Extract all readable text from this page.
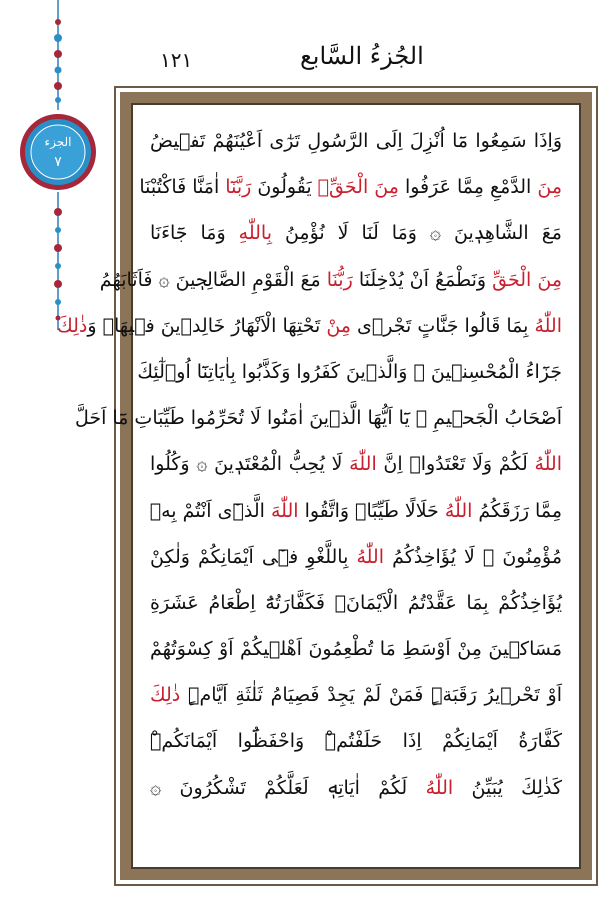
الجزء
٧
١٢١	الجُزءُ السَّابع
وَاِذَا سَمِعُوا مَٓا اُنْزِلَ اِلَى الرَّسُولِ تَرٰٓى اَعْيُنَهُمْ تَفٖيضُ
مِنَ الدَّمْعِ مِمَّا عَرَفُوا مِنَ الْحَقِّۚ يَقُولُونَ رَبَّنَٓا اٰمَنَّا فَاكْتُبْنَا
مَعَ الشَّاهِدٖينَ ۞ وَمَا لَنَا لَا نُؤْمِنُ بِاللّٰهِ وَمَا جَٓاءَنَا
مِنَ الْحَقِّ وَنَطْمَعُ اَنْ يُدْخِلَنَا رَبُّنَا مَعَ الْقَوْمِ الصَّالِحٖينَ ۞ فَاَثَابَهُمُ
اللّٰهُ بِمَا قَالُوا جَنَّاتٍ تَجْرٖى مِنْ تَحْتِهَا الْاَنْهَارُ خَالِدٖينَ فٖيهَاۜ وَذٰلِكَ
جَزَٓاءُ الْمُحْسِنٖينَ ۞ وَالَّذٖينَ كَفَرُوا وَكَذَّبُوا بِاٰيَاتِنَٓا اُو۬لٰٓئِكَ
اَصْحَابُ الْجَحٖيمِ ۞ يَٓا اَيُّهَا الَّذٖينَ اٰمَنُوا لَا تُحَرِّمُوا طَيِّبَاتِ مَٓا اَحَلَّ
اللّٰهُ لَكُمْ وَلَا تَعْتَدُواۜ اِنَّ اللّٰهَ لَا يُحِبُّ الْمُعْتَدٖينَ ۞ وَكُلُوا
مِمَّا رَزَقَكُمُ اللّٰهُ حَلَالًا طَيِّبًاۖ وَاتَّقُوا اللّٰهَ الَّذٖٓى اَنْتُمْ بِهٖ
مُؤْمِنُونَ ۞ لَا يُؤَاخِذُكُمُ اللّٰهُ بِاللَّغْوِ فٖٓى اَيْمَانِكُمْ وَلٰكِنْ
يُؤَاخِذُكُمْ بِمَا عَقَّدْتُمُ الْاَيْمَانَۚ فَكَفَّارَتُهُٓ اِطْعَامُ عَشَرَةِ
مَسَاكٖينَ مِنْ اَوْسَطِ مَا تُطْعِمُونَ اَهْلٖيكُمْ اَوْ كِسْوَتُهُمْ
اَوْ تَحْرٖيرُ رَقَبَةٍۜ فَمَنْ لَمْ يَجِدْ فَصِيَامُ ثَلٰثَةِ اَيَّامٍۜ ذٰلِكَ
كَفَّارَةُ اَيْمَانِكُمْ اِذَا حَلَفْتُمْۜ وَاحْفَظُٓوا اَيْمَانَكُمْۜ
كَذٰلِكَ يُبَيِّنُ اللّٰهُ لَكُمْ اٰيَاتِهٖ لَعَلَّكُمْ تَشْكُرُونَ ۞
